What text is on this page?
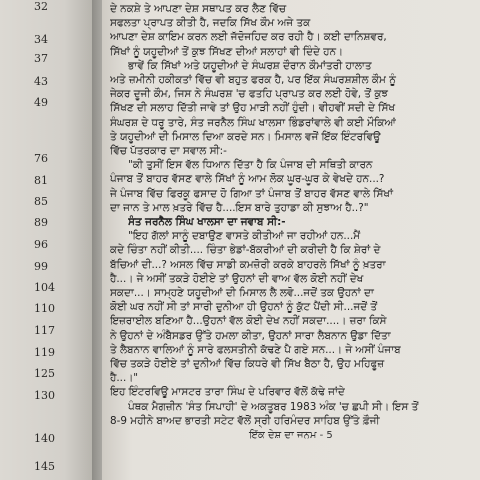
32
34
37
43
49
76
81
85
89
96
99
104
110
117
119
125
130
140
145
ਦੇ ਨਕਸ਼ੇ ਤੇ ਆਪਣਾ ਦੇਸ਼ ਸਥਾਪਤ ਕਰ ਲੈਣ ਵਿੱਚ
ਸਫਲਤਾ ਪ੍ਰਾਪਤ ਕੀਤੀ ਹੈ, ਜਦਕਿ ਸਿੱਖ ਕੌਮ ਅਜੇ ਤਕ
ਆਪਣਾ ਦੇਸ਼ ਕਾਇਮ ਕਰਨ ਲਈ ਜੱਦੋਜਹਿਦ ਕਰ ਰਹੀ ਹੈ। ਕਈ ਦਾਨਿਸ਼ਵਰ,
ਸਿੱਖਾਂ ਨੂੰ ਯਹੂਦੀਆਂ ਤੋਂ ਕੁਝ ਸਿੱਖਣ ਦੀਆਂ ਸਲਾਹਾਂ ਵੀ ਦਿੰਦੇ ਹਨ।
ਭਾਵੇਂ ਕਿ ਸਿੱਖਾਂ ਅਤੇ ਯਹੂਦੀਆਂ ਦੇ ਸੰਘਰਸ਼ ਦੌਰਾਨ ਕੌਮਾਂਤਰੀ ਹਾਲਾਤ
ਅਤੇ ਜ਼ਮੀਨੀ ਹਕੀਕਤਾਂ ਵਿੱਚ ਵੀ ਬਹੁਤ ਫਰਕ ਹੈ, ਪਰ ਇੱਕ ਸੰਘਰਸ਼ਸ਼ੀਲ ਕੌਮ ਨੂੰ
ਜੇਕਰ ਦੂਜੀ ਕੌਮ, ਜਿਸ ਨੇ ਸੰਘਰਸ਼ 'ਚ ਫਤਹਿ ਪ੍ਰਾਪਤ ਕਰ ਲਈ ਹੋਵੇ, ਤੋਂ ਕੁਝ
ਸਿੱਖਣ ਦੀ ਸਲਾਹ ਦਿੱਤੀ ਜਾਵੇ ਤਾਂ ਉਹ ਮਾੜੀ ਨਹੀਂ ਹੁੰਦੀ। ਵੀਹਵੀਂ ਸਦੀ ਦੇ ਸਿੱਖ
ਸੰਘਰਸ਼ ਦੇ ਧਰੂ ਤਾਰੇ, ਸੰਤ ਜਰਨੈਲ ਸਿੰਘ ਖਾਲਸਾ ਭਿੰਡਰਾਂਵਾਲੇ ਵੀ ਕਈ ਮੌਕਿਆਂ
ਤੇ ਯਹੂਦੀਆਂ ਦੀ ਮਿਸਾਲ ਦਿਆ ਕਰਦੇ ਸਨ। ਮਿਸਾਲ ਵਜੋਂ ਇੱਕ ਇੰਟਰਵਿਊ
ਵਿੱਚ ਪੱਤਰਕਾਰ ਦਾ ਸਵਾਲ ਸੀ:-
"ਕੀ ਤੁਸੀਂ ਇਸ ਵੱਲ ਧਿਆਨ ਦਿੱਤਾ ਹੈ ਕਿ ਪੰਜਾਬ ਦੀ ਸਥਿਤੀ ਕਾਰਨ
ਪੰਜਾਬ ਤੋਂ ਬਾਹਰ ਵੱਸਣ ਵਾਲੇ ਸਿੱਖਾਂ ਨੂੰ ਆਮ ਲੋਕ ਘੂਰ-ਘੂਰ ਕੇ ਵੇਖਦੇ ਹਨ...?
ਜੇ ਪੰਜਾਬ ਵਿੱਚ ਫਿਰਕੂ ਫਸਾਦ ਹੋ ਗਿਆ ਤਾਂ ਪੰਜਾਬ ਤੋਂ ਬਾਹਰ ਵੱਸਣ ਵਾਲੇ ਸਿੱਖਾਂ
ਦਾ ਜਾਨ ਤੇ ਮਾਲ ਖ਼ਤਰੇ ਵਿੱਚ ਹੈ....ਇਸ ਬਾਰੇ ਤੁਹਾਡਾ ਕੀ ਸੁਝਾਅ ਹੈ..?"
ਸੰਤ ਜਰਨੈਲ ਸਿੰਘ ਖਾਲਸਾ ਦਾ ਜਵਾਬ ਸੀ:-
"ਇਹ ਗੱਲਾਂ ਸਾਨੂੰ ਦਬਾਉਣ ਵਾਸਤੇ ਕੀਤੀਆਂ ਜਾ ਰਹੀਆਂ ਹਨ...ਮੈਂ
ਕਦੇ ਚਿੰਤਾ ਨਹੀਂ ਕੀਤੀ.... ਚਿੰਤਾ ਭੇਡਾਂ-ਬੱਕਰੀਆਂ ਦੀ ਕਰੀਦੀ ਹੈ ਕਿ ਸ਼ੇਰਾਂ ਦੇ
ਬੱਚਿਆਂ ਦੀ...? ਅਸਲ ਵਿੱਚ ਸਾਡੀ ਕਮਜ਼ੋਰੀ ਕਰਕੇ ਬਾਹਰਲੇ ਸਿੱਖਾਂ ਨੂੰ ਖ਼ਤਰਾ
ਹੈ...। ਜੇ ਅਸੀਂ ਤਕੜੇ ਹੋਈਏ ਤਾਂ ਉਹਨਾਂ ਦੀ ਵਾਅ ਵੱਲ ਕੋਈ ਨਹੀਂ ਦੇਖ
ਸਕਦਾ...। ਸਾਮ੍ਹਣੇ ਯਹੂਦੀਆਂ ਦੀ ਮਿਸਾਲ ਲੈ ਲਵੋ...ਜਦੋਂ ਤਕ ਉਹਨਾਂ ਦਾ
ਕੋਈ ਘਰ ਨਹੀਂ ਸੀ ਤਾਂ ਸਾਰੀ ਦੁਨੀਆ ਹੀ ਉਹਨਾਂ ਨੂੰ ਕੁੱਟ ਪੈਂਦੀ ਸੀ...ਜਦੋਂ ਤੋਂ
ਇਜ਼ਰਾਈਲ ਬਣਿਆ ਹੈ...ਉਹਨਾਂ ਵੱਲ ਕੋਈ ਦੇਖ ਨਹੀਂ ਸਕਦਾ....। ਜ਼ਰਾ ਕਿਸੇ
ਨੇ ਉਹਨਾਂ ਦੇ ਅੰਬੈਸਡਰ ਉੱਤੇ ਹਮਲਾ ਕੀਤਾ, ਉਹਨਾਂ ਸਾਰਾ ਲੈਬਨਾਨ ਉਡਾ ਦਿੱਤਾ
ਤੇ ਲੈਬਨਾਨ ਵਾਲਿਆਂ ਨੂੰ ਸਾਰੇ ਫਲਸਤੀਨੀ ਕੱਢਣੇ ਪੈ ਗਏ ਸਨ...। ਜੇ ਅਸੀਂ ਪੰਜਾਬ
ਵਿੱਚ ਤਕੜੇ ਹੋਈਏ ਤਾਂ ਦੁਨੀਆਂ ਵਿੱਚ ਕਿਧਰੇ ਵੀ ਸਿੱਖ ਬੈਠਾ ਹੈ, ਉਹ ਮਹਿਫੂਜ਼
ਹੈ...।"
ਇਹ ਇੰਟਰਵਿਊ ਮਾਸਟਰ ਤਾਰਾ ਸਿੰਘ ਦੇ ਪਰਿਵਾਰ ਵੱਲੋਂ ਕੱਢੇ ਜਾਂਦੇ
ਪੰਥਕ ਮੈਗਜ਼ੀਨ 'ਸੰਤ ਸਿਪਾਹੀ' ਦੇ ਅਕਤੂਬਰ 1983 ਅੰਕ 'ਚ ਛਪੀ ਸੀ। ਇਸ ਤੋਂ
8-9 ਮਹੀਨੇ ਬਾਅਦ ਭਾਰਤੀ ਸਟੇਟ ਵੱਲੋਂ ਸ੍ਰੀ ਹਰਿਮੰਦਰ ਸਾਹਿਬ ਉੱਤੇ ਫ਼ੌਜੀ
ਇੱਕ ਦੇਸ਼ ਦਾ ਜਨਮ - 5
